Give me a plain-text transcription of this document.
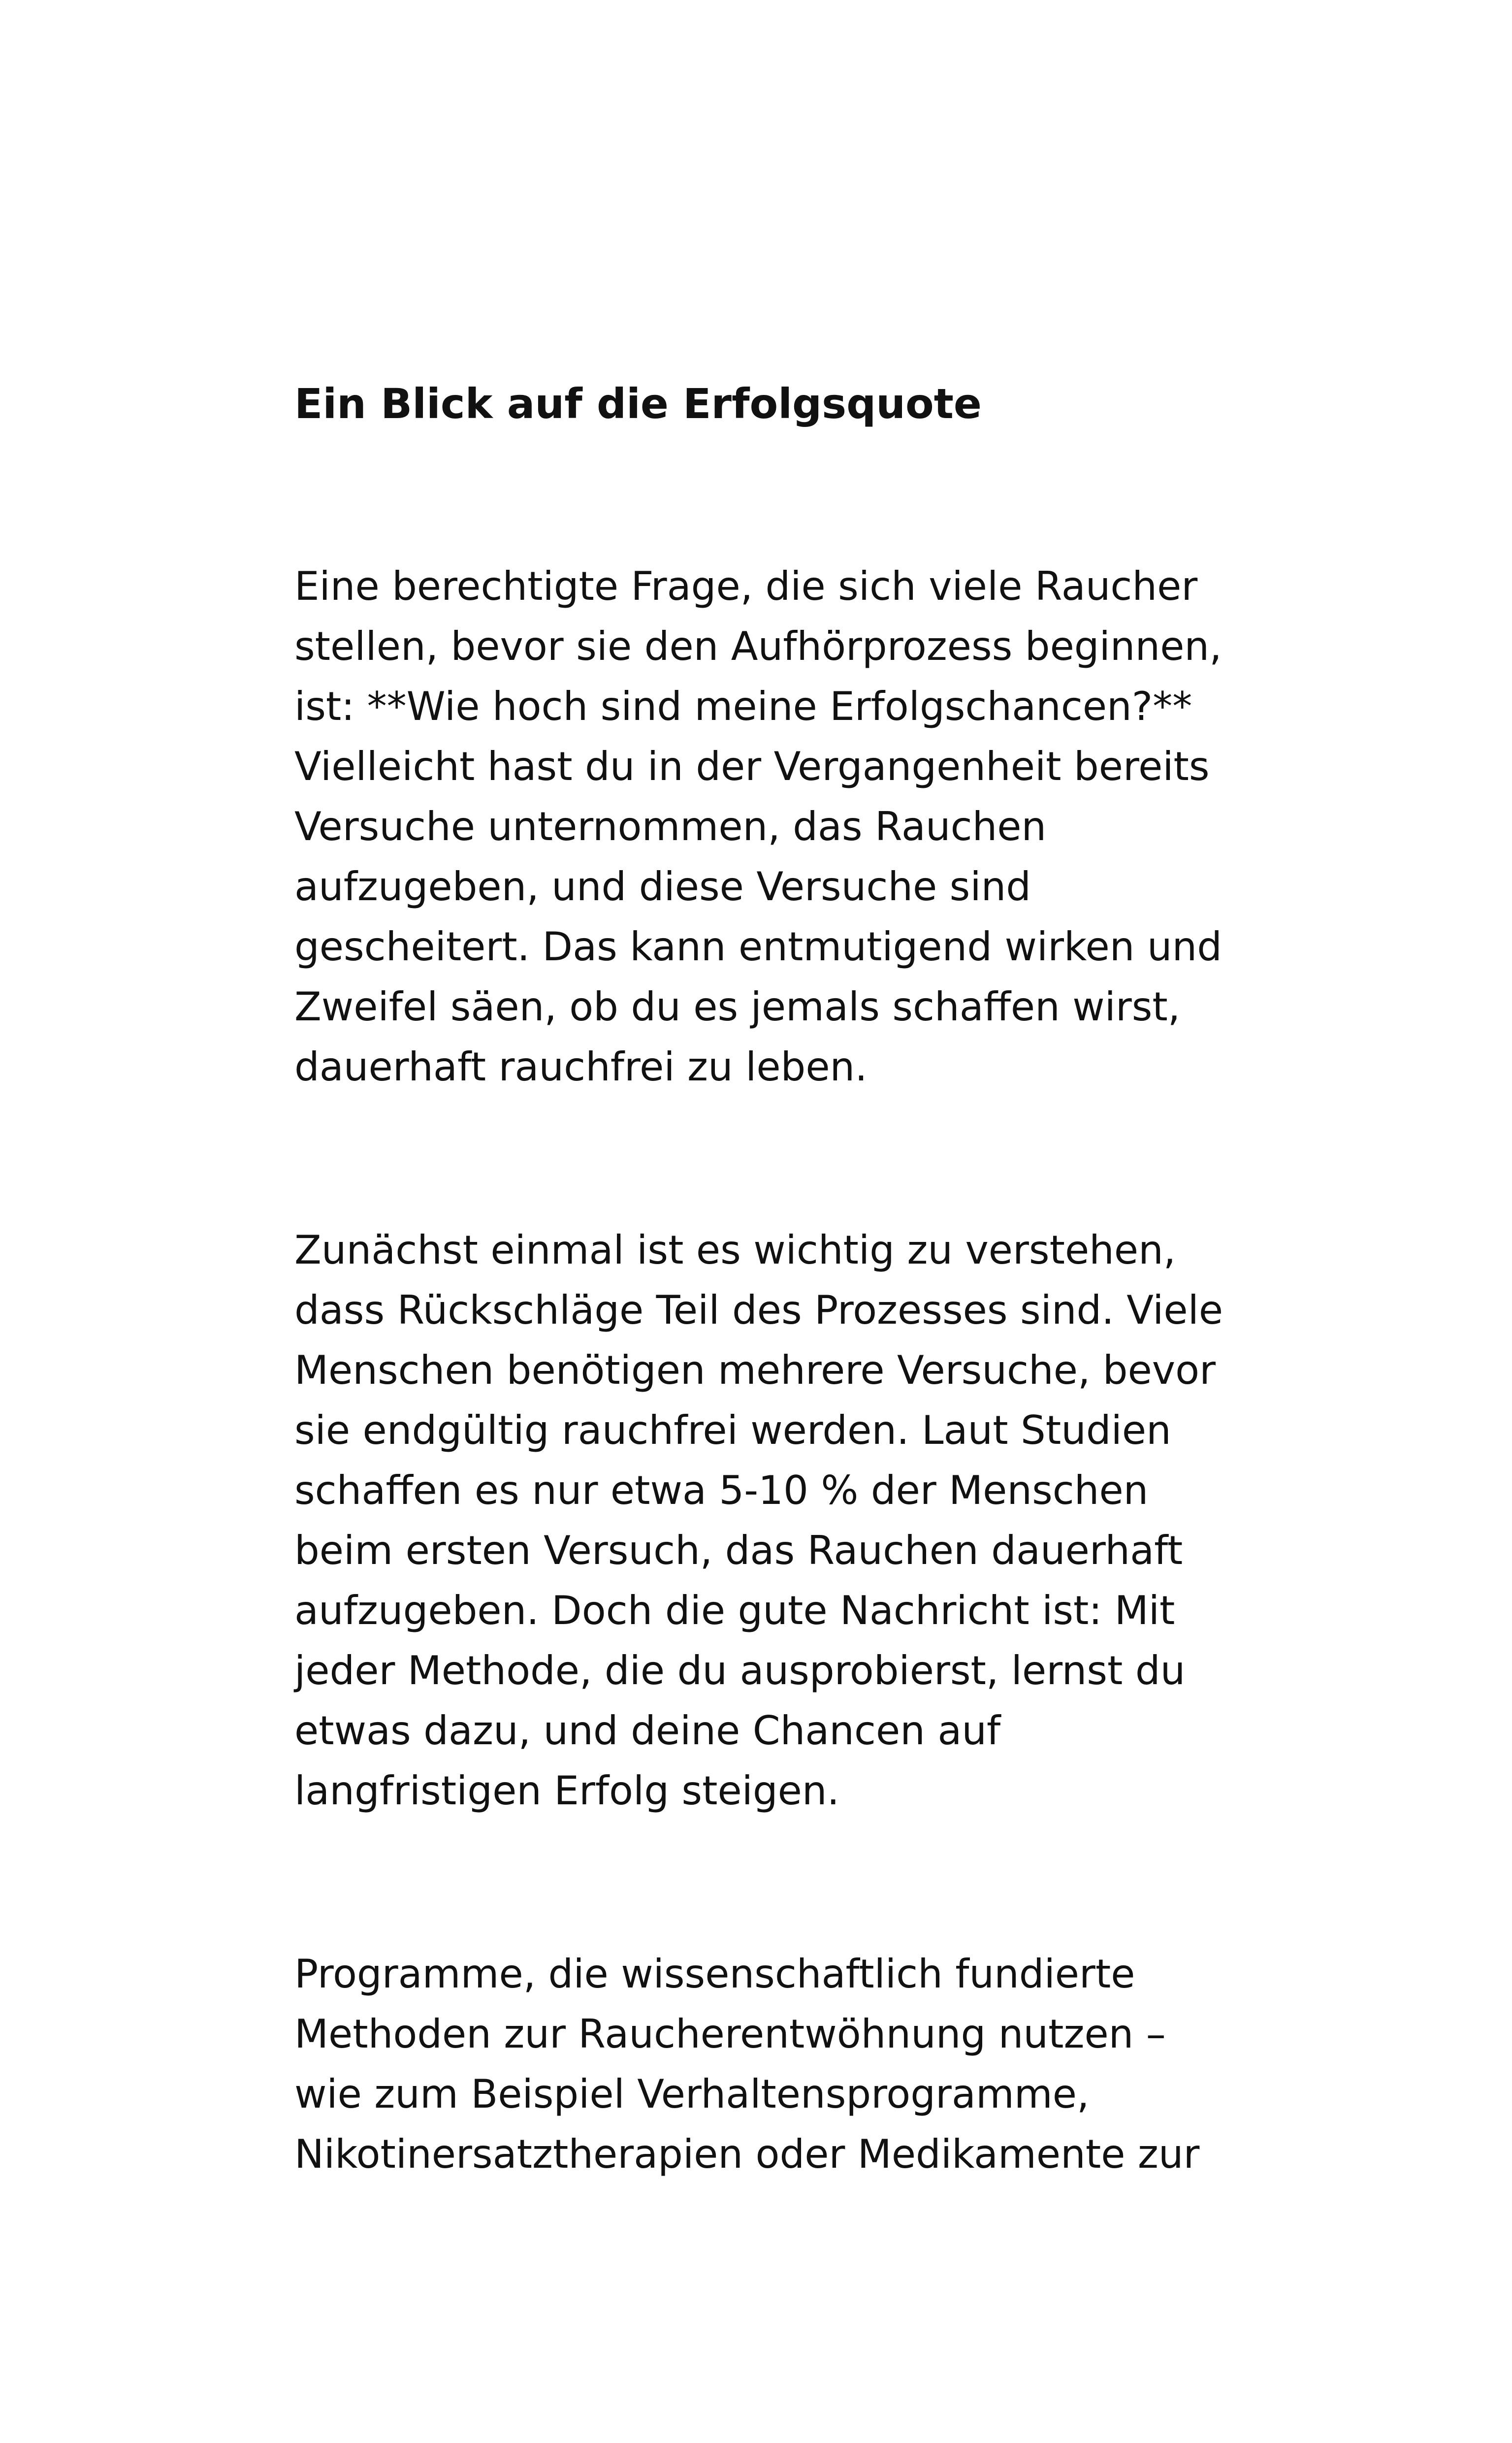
Ein Blick auf die Erfolgsquote

Eine berechtigte Frage, die sich viele Raucher
stellen, bevor sie den Aufhörprozess beginnen,
ist: **Wie hoch sind meine Erfolgschancen?**
Vielleicht hast du in der Vergangenheit bereits
Versuche unternommen, das Rauchen
aufzugeben, und diese Versuche sind
gescheitert. Das kann entmutigend wirken und
Zweifel säen, ob du es jemals schaffen wirst,
dauerhaft rauchfrei zu leben.

Zunächst einmal ist es wichtig zu verstehen,
dass Rückschläge Teil des Prozesses sind. Viele
Menschen benötigen mehrere Versuche, bevor
sie endgültig rauchfrei werden. Laut Studien
schaffen es nur etwa 5-10 % der Menschen
beim ersten Versuch, das Rauchen dauerhaft
aufzugeben. Doch die gute Nachricht ist: Mit
jeder Methode, die du ausprobierst, lernst du
etwas dazu, und deine Chancen auf
langfristigen Erfolg steigen.

Programme, die wissenschaftlich fundierte
Methoden zur Raucherentwöhnung nutzen –
wie zum Beispiel Verhaltensprogramme,
Nikotinersatztherapien oder Medikamente zur
